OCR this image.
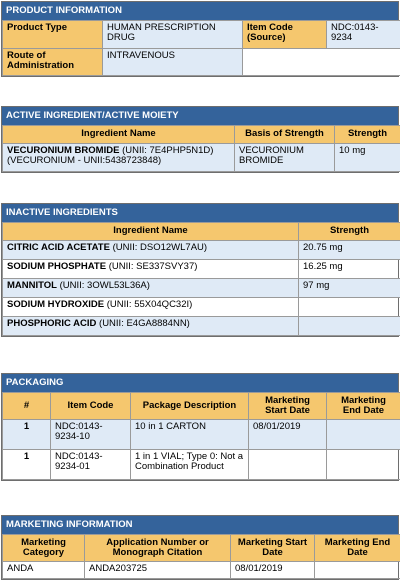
PRODUCT INFORMATION
Product Type	HUMAN PRESCRIPTION DRUG	Item Code (Source)	NDC:0143-9234
Route of Administration	INTRAVENOUS		
ACTIVE INGREDIENT/ACTIVE MOIETY
Ingredient Name	Basis of Strength	Strength
VECURONIUM BROMIDE (UNII: 7E4PHP5N1D)
(VECURONIUM - UNII:5438723848)	VECURONIUM BROMIDE	10 mg
INACTIVE INGREDIENTS
Ingredient Name	Strength
CITRIC ACID ACETATE (UNII: DSO12WL7AU)	20.75 mg
SODIUM PHOSPHATE (UNII: SE337SVY37)	16.25 mg
MANNITOL (UNII: 3OWL53L36A)	97 mg
SODIUM HYDROXIDE (UNII: 55X04QC32I)	
PHOSPHORIC ACID (UNII: E4GA8884NN)	
PACKAGING
#	Item Code	Package Description	Marketing Start Date	Marketing End Date
1	NDC:0143-9234-10	10 in 1 CARTON	08/01/2019	
1	NDC:0143-9234-01	1 in 1 VIAL; Type 0: Not a Combination Product		
MARKETING INFORMATION
Marketing Category	Application Number or Monograph Citation	Marketing Start Date	Marketing End Date
ANDA	ANDA203725	08/01/2019	
